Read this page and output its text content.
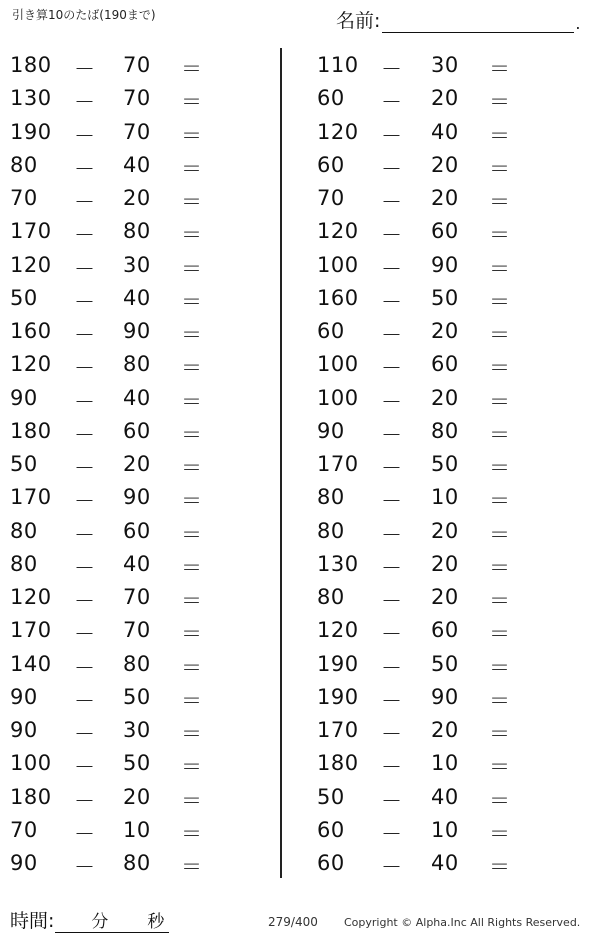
引き算10のたば(190まで)	名前:	.
180 － 70 ＝
130 － 70 ＝
190 － 70 ＝
80 － 40 ＝
70 － 20 ＝
170 － 80 ＝
120 － 30 ＝
50 － 40 ＝
160 － 90 ＝
120 － 80 ＝
90 － 40 ＝
180 － 60 ＝
50 － 20 ＝
170 － 90 ＝
80 － 60 ＝
80 － 40 ＝
120 － 70 ＝
170 － 70 ＝
140 － 80 ＝
90 － 50 ＝
90 － 30 ＝
100 － 50 ＝
180 － 20 ＝
70 － 10 ＝
90 － 80 ＝
110 － 30 ＝
60 － 20 ＝
120 － 40 ＝
60 － 20 ＝
70 － 20 ＝
120 － 60 ＝
100 － 90 ＝
160 － 50 ＝
60 － 20 ＝
100 － 60 ＝
100 － 20 ＝
90 － 80 ＝
170 － 50 ＝
80 － 10 ＝
80 － 20 ＝
130 － 20 ＝
80 － 20 ＝
120 － 60 ＝
190 － 50 ＝
190 － 90 ＝
170 － 20 ＝
180 － 10 ＝
50 － 40 ＝
60 － 10 ＝
60 － 40 ＝
時間: 分 秒	279/400 Copyright © Alpha.Inc All Rights Reserved.
